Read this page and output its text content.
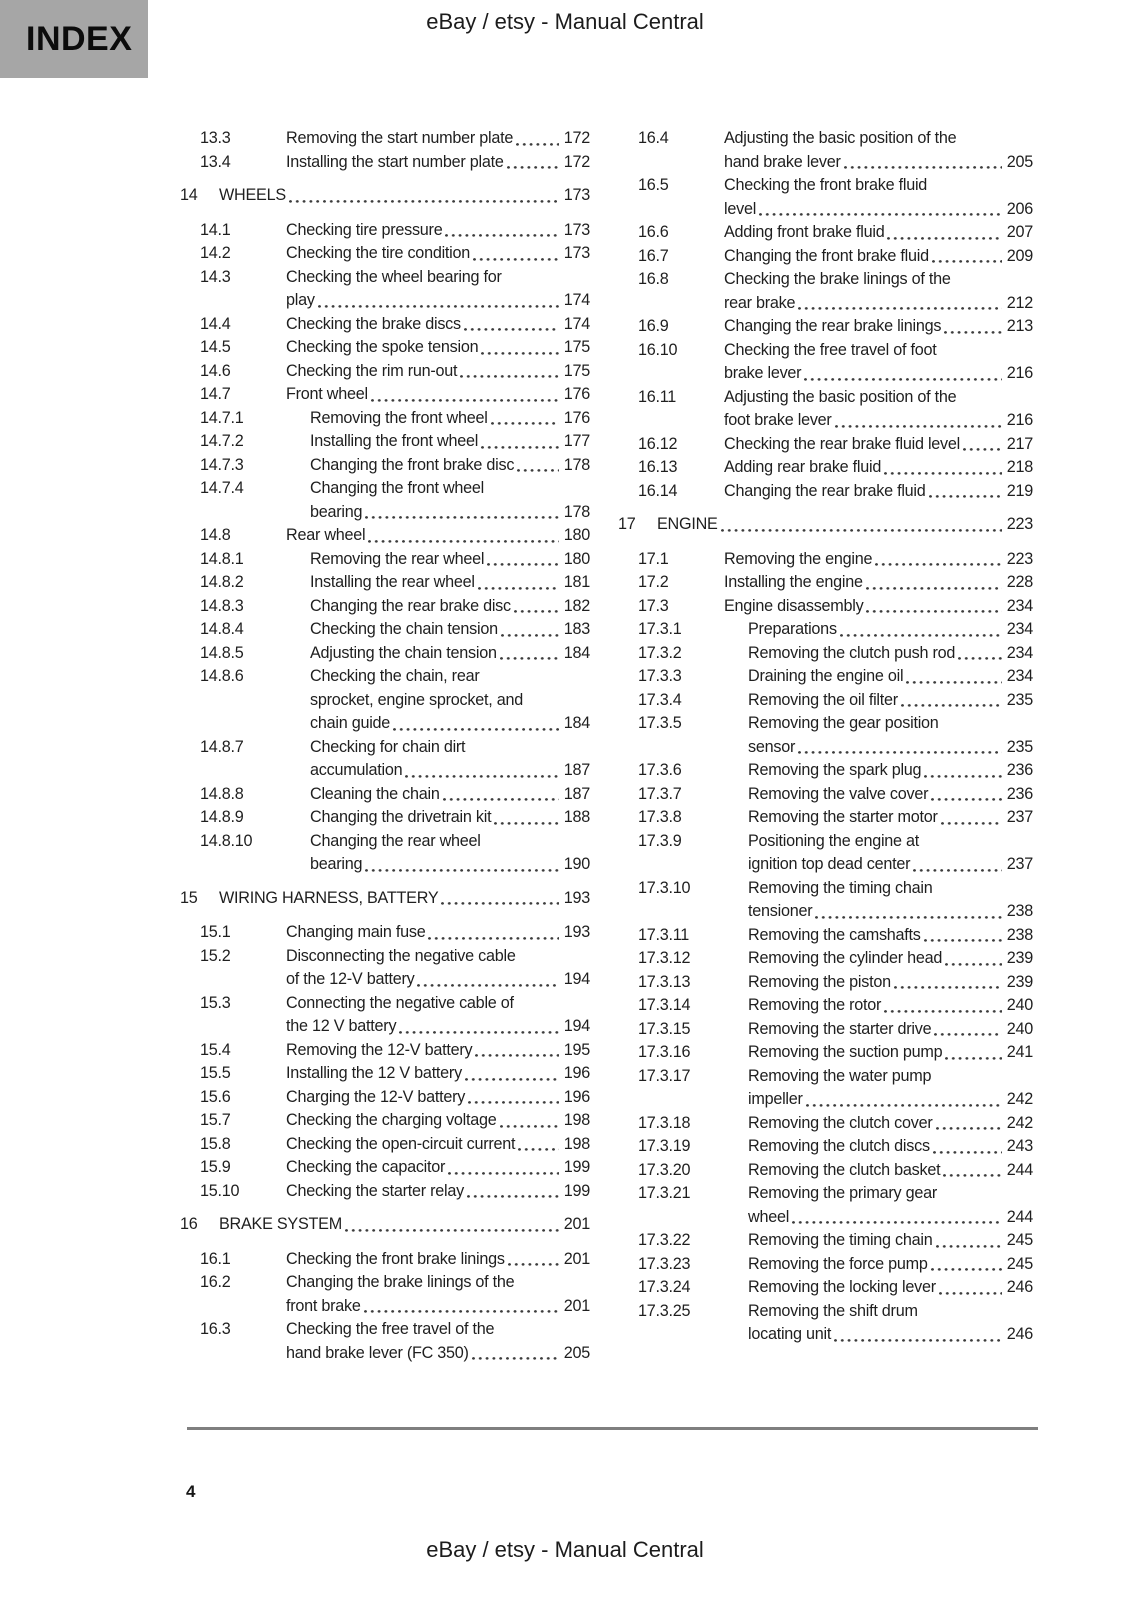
INDEX	eBay / etsy - Manual Central
13.3	Removing the start number plate	172
13.4	Installing the start number plate	172
14 WHEELS	173
14.1	Checking tire pressure	173
14.2	Checking the tire condition	173
14.3	Checking the wheel bearing for
play	174
14.4	Checking the brake discs	174
14.5	Checking the spoke tension	175
14.6	Checking the rim run-out	175
14.7	Front wheel	176
14.7.1	Removing the front wheel	176
14.7.2	Installing the front wheel	177
14.7.3	Changing the front brake disc	178
14.7.4	Changing the front wheel
bearing	178
14.8	Rear wheel	180
14.8.1	Removing the rear wheel	180
14.8.2	Installing the rear wheel	181
14.8.3	Changing the rear brake disc	182
14.8.4	Checking the chain tension	183
14.8.5	Adjusting the chain tension	184
14.8.6	Checking the chain, rear
sprocket, engine sprocket, and
chain guide	184
14.8.7	Checking for chain dirt
accumulation	187
14.8.8	Cleaning the chain	187
14.8.9	Changing the drivetrain kit	188
14.8.10	Changing the rear wheel
bearing	190
15 WIRING HARNESS, BATTERY	193
15.1	Changing main fuse	193
15.2	Disconnecting the negative cable
of the 12-V battery	194
15.3	Connecting the negative cable of
the 12 V battery	194
15.4	Removing the 12-V battery	195
15.5	Installing the 12 V battery	196
15.6	Charging the 12-V battery	196
15.7	Checking the charging voltage	198
15.8	Checking the open-circuit current	198
15.9	Checking the capacitor	199
15.10	Checking the starter relay	199
16 BRAKE SYSTEM	201
16.1	Checking the front brake linings	201
16.2	Changing the brake linings of the
front brake	201
16.3	Checking the free travel of the
hand brake lever (FC 350)	205
16.4	Adjusting the basic position of the
hand brake lever	205
16.5	Checking the front brake fluid
level	206
16.6	Adding front brake fluid	207
16.7	Changing the front brake fluid	209
16.8	Checking the brake linings of the
rear brake	212
16.9	Changing the rear brake linings	213
16.10	Checking the free travel of foot
brake lever	216
16.11	Adjusting the basic position of the
foot brake lever	216
16.12	Checking the rear brake fluid level	217
16.13	Adding rear brake fluid	218
16.14	Changing the rear brake fluid	219
17 ENGINE	223
17.1	Removing the engine	223
17.2	Installing the engine	228
17.3	Engine disassembly	234
17.3.1	Preparations	234
17.3.2	Removing the clutch push rod	234
17.3.3	Draining the engine oil	234
17.3.4	Removing the oil filter	235
17.3.5	Removing the gear position
sensor	235
17.3.6	Removing the spark plug	236
17.3.7	Removing the valve cover	236
17.3.8	Removing the starter motor	237
17.3.9	Positioning the engine at
ignition top dead center	237
17.3.10	Removing the timing chain
tensioner	238
17.3.11	Removing the camshafts	238
17.3.12	Removing the cylinder head	239
17.3.13	Removing the piston	239
17.3.14	Removing the rotor	240
17.3.15	Removing the starter drive	240
17.3.16	Removing the suction pump	241
17.3.17	Removing the water pump
impeller	242
17.3.18	Removing the clutch cover	242
17.3.19	Removing the clutch discs	243
17.3.20	Removing the clutch basket	244
17.3.21	Removing the primary gear
wheel	244
17.3.22	Removing the timing chain	245
17.3.23	Removing the force pump	245
17.3.24	Removing the locking lever	246
17.3.25	Removing the shift drum
locating unit	246
4
eBay / etsy - Manual Central
